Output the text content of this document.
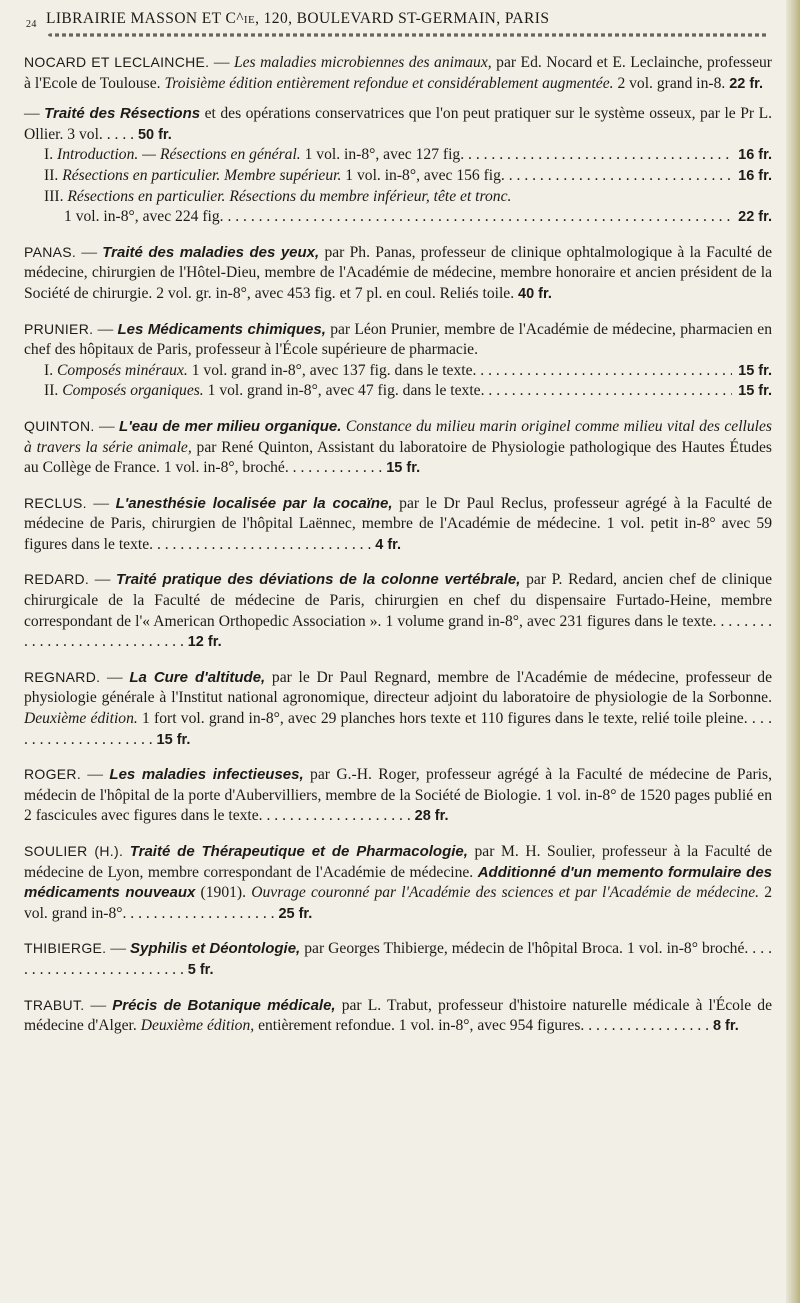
24 LIBRAIRIE MASSON ET C^ie, 120, BOULEVARD ST-GERMAIN, PARIS

NOCARD ET LECLAINCHE. — Les maladies microbiennes des animaux, par Ed. Nocard et E. Leclainche, professeur à l'Ecole de Toulouse. Troisième édition entièrement refondue et considérablement augmentée. 2 vol. grand in-8. 22 fr.

— Traité des Résections et des opérations conservatrices que l'on peut pratiquer sur le système osseux, par le Pr L. Ollier. 3 vol. . . . . 50 fr.

I. Introduction. — Résections en général. 1 vol. in-8°, avec 127 fig. . . .	16 fr.
II. Résections en particulier. Membre supérieur. 1 vol. in-8°, avec 156 fig. . . .	16 fr.

III. Résections en particulier. Résections du membre inférieur, tête et tronc.

1 vol. in-8°, avec 224 fig. . . .	22 fr.

PANAS. — Traité des maladies des yeux, par Ph. Panas, professeur de clinique ophtalmologique à la Faculté de médecine, chirurgien de l'Hôtel-Dieu, membre de l'Académie de médecine, membre honoraire et ancien président de la Société de chirurgie. 2 vol. gr. in-8°, avec 453 fig. et 7 pl. en coul. Reliés toile. 40 fr.

PRUNIER. — Les Médicaments chimiques, par Léon Prunier, membre de l'Académie de médecine, pharmacien en chef des hôpitaux de Paris, professeur à l'École supérieure de pharmacie.

I. Composés minéraux. 1 vol. grand in-8°, avec 137 fig. dans le texte. . . .	15 fr.
II. Composés organiques. 1 vol. grand in-8°, avec 47 fig. dans le texte. . . .	15 fr.

QUINTON. — L'eau de mer milieu organique. Constance du milieu marin originel comme milieu vital des cellules à travers la série animale, par René Quinton, Assistant du laboratoire de Physiologie pathologique des Hautes Études au Collège de France. 1 vol. in-8°, broché. . . . . . . . . . . . . 15 fr.

RECLUS. — L'anesthésie localisée par la cocaïne, par le Dr Paul Reclus, professeur agrégé à la Faculté de médecine de Paris, chirurgien de l'hôpital Laënnec, membre de l'Académie de médecine. 1 vol. petit in-8° avec 59 figures dans le texte. . . . . . . . . . . . . . . . . . . . . . . . . . . . . 4 fr.

REDARD. — Traité pratique des déviations de la colonne vertébrale, par P. Redard, ancien chef de clinique chirurgicale de la Faculté de médecine de Paris, chirurgien en chef du dispensaire Furtado-Heine, membre correspondant de l'« American Orthopedic Association ». 1 volume grand in-8°, avec 231 figures dans le texte. . . . . . . . . . . . . . . . . . . . . . . . . . . . . 12 fr.

REGNARD. — La Cure d'altitude, par le Dr Paul Regnard, membre de l'Académie de médecine, professeur de physiologie générale à l'Institut national agronomique, directeur adjoint du laboratoire de physiologie de la Sorbonne. Deuxième édition. 1 fort vol. grand in-8°, avec 29 planches hors texte et 110 figures dans le texte, relié toile pleine. . . . . . . . . . . . . . . . . . . . . 15 fr.

ROGER. — Les maladies infectieuses, par G.-H. Roger, professeur agrégé à la Faculté de médecine de Paris, médecin de l'hôpital de la porte d'Aubervilliers, membre de la Société de Biologie. 1 vol. in-8° de 1520 pages publié en 2 fascicules avec figures dans le texte. . . . . . . . . . . . . . . . . . . . 28 fr.

SOULIER (H.). Traité de Thérapeutique et de Pharmacologie, par M. H. Soulier, professeur à la Faculté de médecine de Lyon, membre correspondant de l'Académie de médecine. Additionné d'un memento formulaire des médicaments nouveaux (1901). Ouvrage couronné par l'Académie des sciences et par l'Académie de médecine. 2 vol. grand in-8°. . . . . . . . . . . . . . . . . . . . 25 fr.

THIBIERGE. — Syphilis et Déontologie, par Georges Thibierge, médecin de l'hôpital Broca. 1 vol. in-8° broché. . . . . . . . . . . . . . . . . . . . . . . . . 5 fr.

TRABUT. — Précis de Botanique médicale, par L. Trabut, professeur d'histoire naturelle médicale à l'École de médecine d'Alger. Deuxième édition, entièrement refondue. 1 vol. in-8°, avec 954 figures. . . . . . . . . . . . . . . . . 8 fr.
